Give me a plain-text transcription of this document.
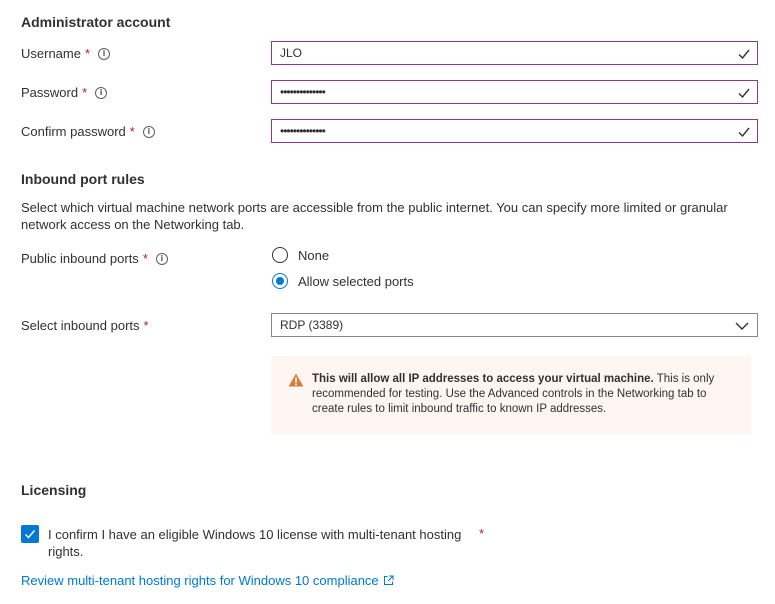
Administrator account
Username *	i	JLO
Password *	i	••••••••••••••
Confirm password *	i	••••••••••••••
Inbound port rules
Select which virtual machine network ports are accessible from the public internet. You can specify more limited or granular network access on the Networking tab.
Public inbound ports *	i	None
Allow selected ports
Select inbound ports *	RDP (3389)
This will allow all IP addresses to access your virtual machine. This is only recommended for testing. Use the Advanced controls in the Networking tab to create rules to limit inbound traffic to known IP addresses.
Licensing
I confirm I have an eligible Windows 10 license with multi-tenant hosting rights.
*
Review multi-tenant hosting rights for Windows 10 compliance
